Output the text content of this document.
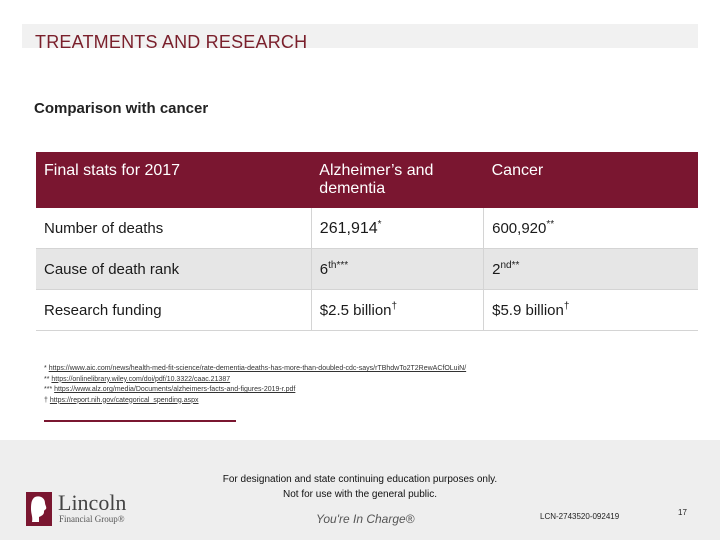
TREATMENTS AND RESEARCH
Comparison with cancer
Final stats for 2017	Alzheimer’s and dementia	Cancer
Number of deaths	261,914*	600,920**
Cause of death rank	$6^{th***}$	$2^{nd**}$
Research funding	$2.5 billion†	$5.9 billion†
* https://www.aic.com/news/health-med-fit-science/rate-dementia-deaths-has-more-than-doubled-cdc-says/rTBhdwTo2T2RewACfOLuiN/
** https://onlinelibrary.wiley.com/doi/pdf/10.3322/caac.21387
*** https://www.alz.org/media/Documents/alzheimers-facts-and-figures-2019-r.pdf
† https://report.nih.gov/categorical_spending.aspx
For designation and state continuing education purposes only.
Not for use with the general public.
Lincoln
Financial Group®	You're In Charge®	LCN-2743520-092419	17
